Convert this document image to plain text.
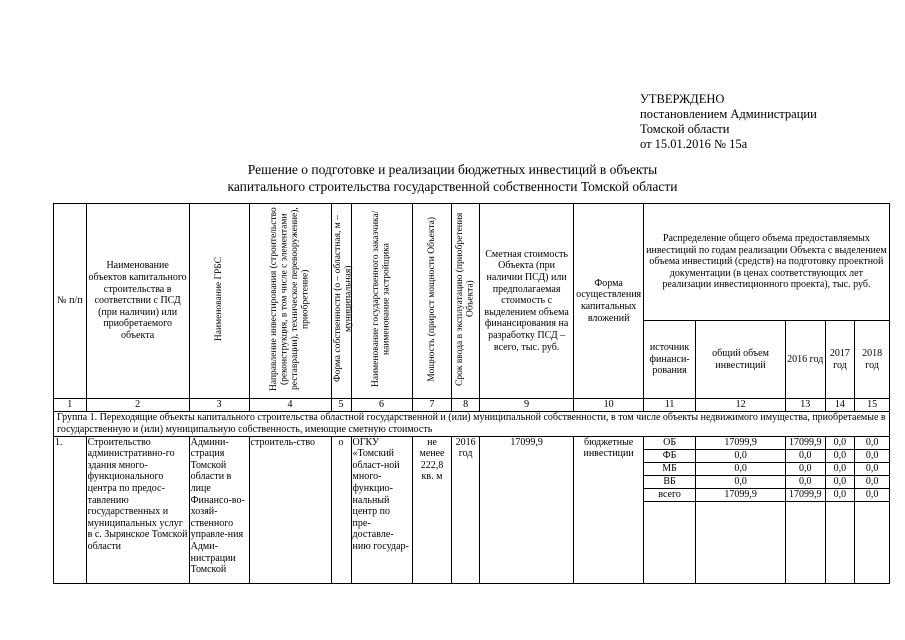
УТВЕРЖДЕНО
постановлением Администрации
Томской области
от 15.01.2016 № 15а
Решение о подготовке и реализации бюджетных инвестиций в объекты
капитального строительства государственной собственности Томской области
№ п/п	Наименование объектов капитального строительства в соответствии с ПСД (при наличии) или приобретаемого объекта	Наименование ГРБС	Направление инвестирования (строительство (реконструкция, в том числе с элементами реставрации), техническое перевооружение), приобретение)	Форма собственности (о – областная, м – муниципальная)	Наименование государственного заказчика/наименование застройщика	Мощность (прирост мощности Объекта)	Срок ввода в эксплуатацию (приобретения Объекта)	Сметная стоимость Объекта (при наличии ПСД) или предполагаемая стоимость с выделением объема финансирования на разработку ПСД – всего, тыс. руб.	Форма осуществления капитальных вложений	Распределение общего объема предоставляемых инвестиций по годам реализации Объекта с выделением объема инвестиций (средств) на подготовку проектной документации (в ценах соответствующих лет реализации инвестиционного проекта), тыс. руб.				
										источник финанси-рования	общий объем инвестиций	2016 год	2017 год	2018 год
1	2	3	4	5	6	7	8	9	10	11	12	13	14	15
Группа 1. Переходящие объекты капитального строительства областной государственной и (или) муниципальной собственности, в том числе объекты недвижимого имущества, приобретаемые в государственную и (или) муниципальную собственность, имеющие сметную стоимость														
1.	Строительство административно-го здания много-функционального центра по предос-тавлению государственных и муниципальных услуг в с. Зырянское Томской области	Админи-страция Томской области в лице Финансо-во-хозяй-ственного управле-ния Адми-нистрации Томской	строитель-ство	о	ОГКУ «Томский област-ной много-функцио-нальный центр по пре-доставле-нию государ-	не менее 222,8 кв. м	2016 год	17099,9	бюджетные инвестиции	ОБ	17099,9	17099,9	0,0	0,0
										ФБ	0,0	0,0	0,0	0,0
										МБ	0,0	0,0	0,0	0,0
										ВБ	0,0	0,0	0,0	0,0
										всего	17099,9	17099,9	0,0	0,0
